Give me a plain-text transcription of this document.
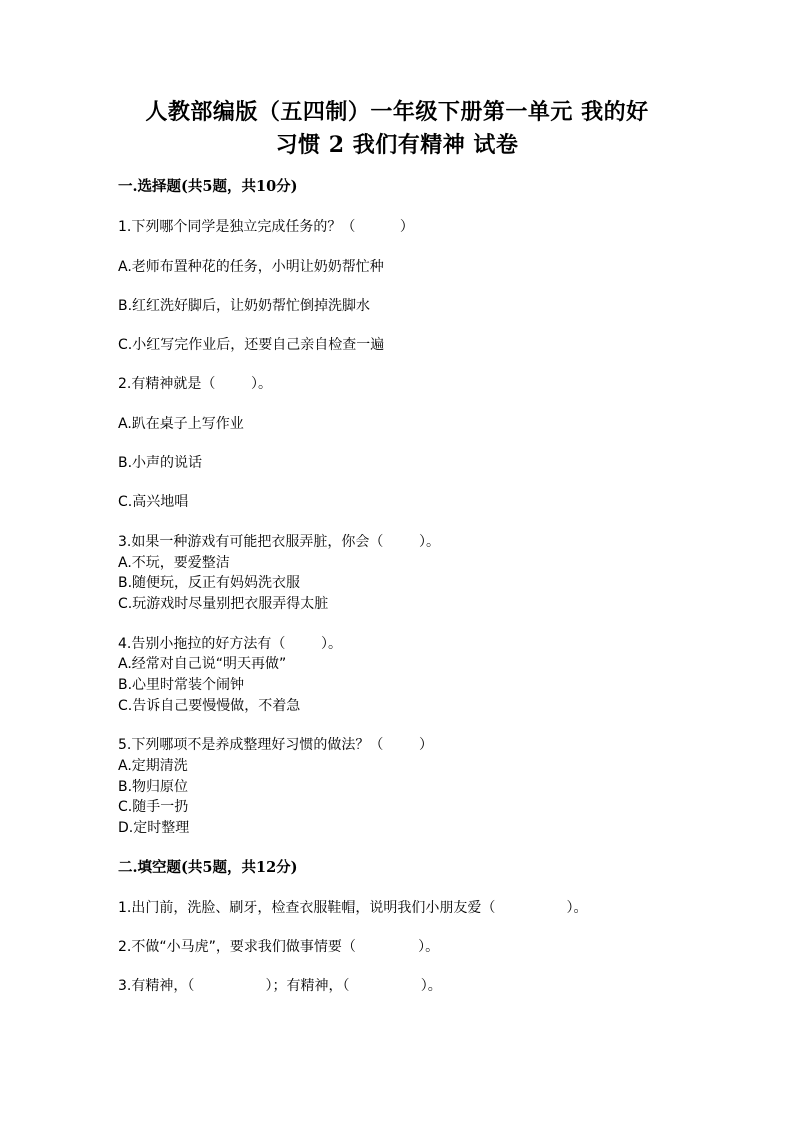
人教部编版（五四制）一年级下册第一单元 我的好
习惯 2 我们有精神 试卷
一.选择题(共5题，共10分)
1.下列哪个同学是独立完成任务的？（          ）
A.老师布置种花的任务，小明让奶奶帮忙种
B.红红洗好脚后，让奶奶帮忙倒掉洗脚水
C.小红写完作业后，还要自己亲自检查一遍
2.有精神就是（        ）。
A.趴在桌子上写作业
B.小声的说话
C.高兴地唱
3.如果一种游戏有可能把衣服弄脏，你会（        ）。
A.不玩，要爱整洁
B.随便玩，反正有妈妈洗衣服
C.玩游戏时尽量别把衣服弄得太脏
4.告别小拖拉的好方法有（        ）。
A.经常对自己说“明天再做”
B.心里时常装个闹钟
C.告诉自己要慢慢做，不着急
5.下列哪项不是养成整理好习惯的做法？（        ）
A.定期清洗
B.物归原位
C.随手一扔
D.定时整理
二.填空题(共5题，共12分)
1.出门前，洗脸、刷牙，检查衣服鞋帽，说明我们小朋友爱（                ）。
2.不做“小马虎”，要求我们做事情要（              ）。
3.有精神，（                ）；有精神，（                ）。
